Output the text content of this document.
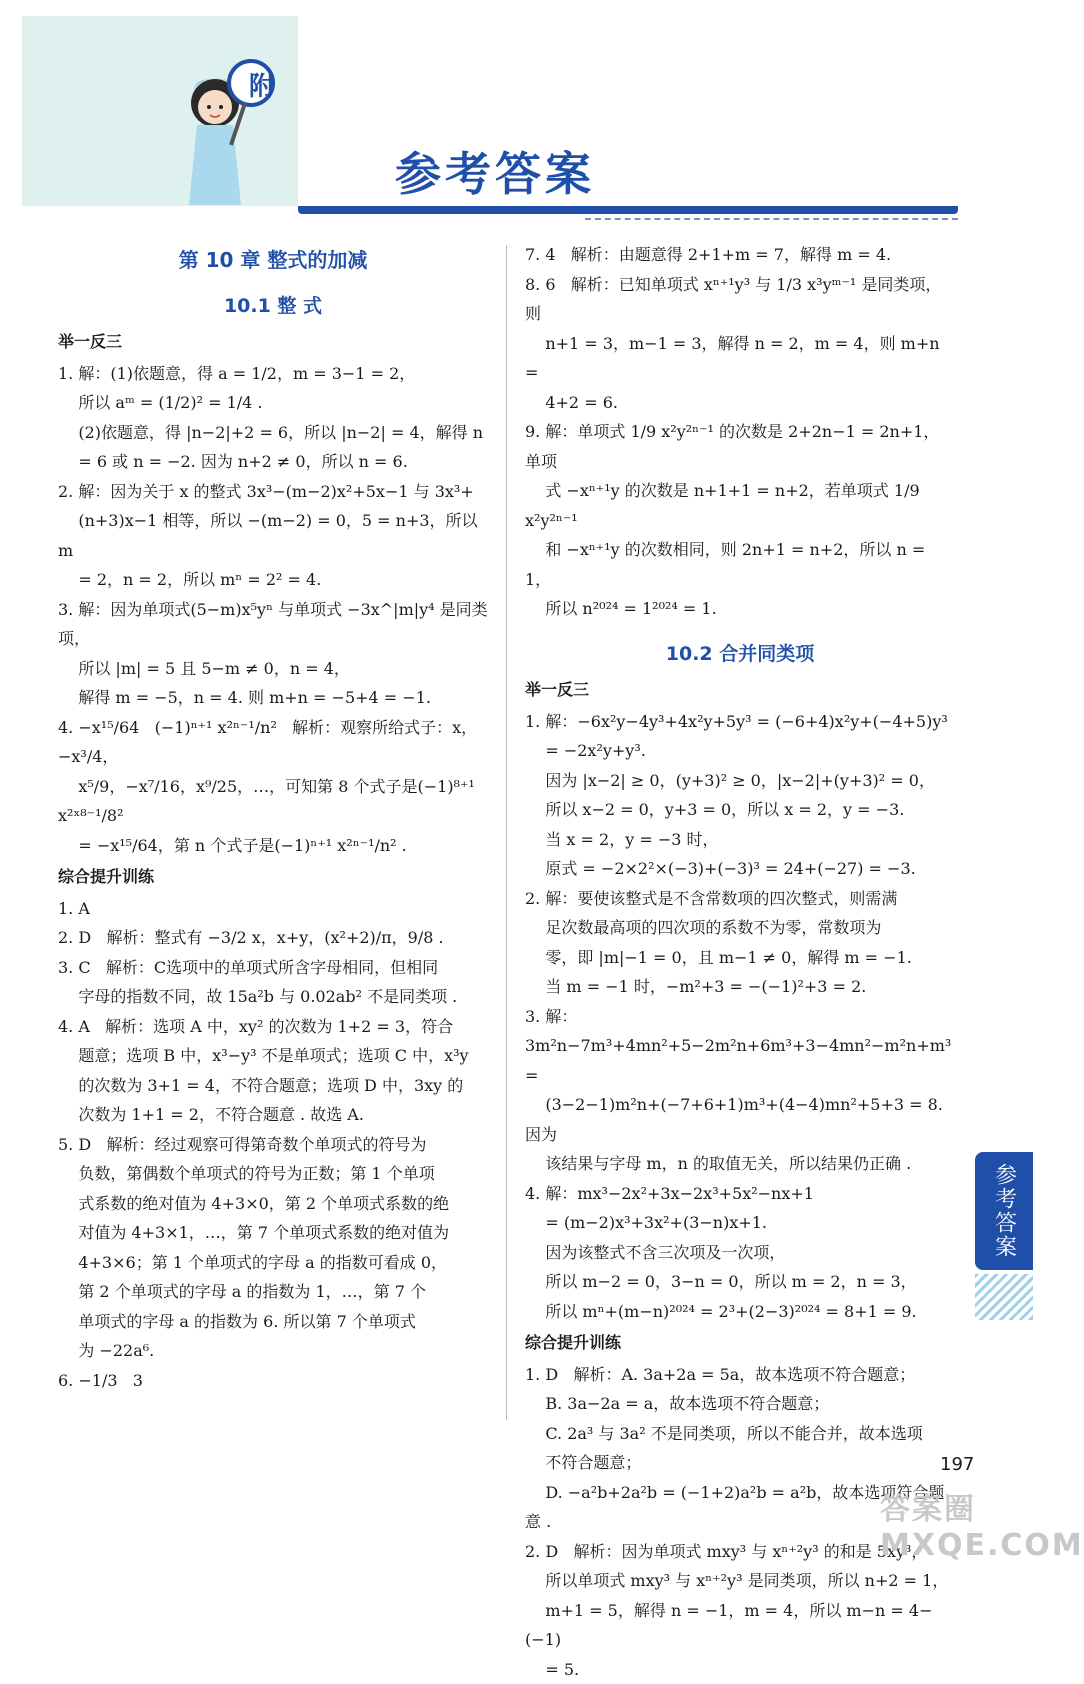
附
参考答案
第 10 章 整式的加减
10.1 整 式
举一反三

1. 解：(1)依题意，得 a = 1/2，m = 3−1 = 2，

所以 aᵐ = (1/2)² = 1/4 .

(2)依题意，得 |n−2|+2 = 6，所以 |n−2| = 4，解得 n

= 6 或 n = −2. 因为 n+2 ≠ 0，所以 n = 6.

2. 解：因为关于 x 的整式 3x³−(m−2)x²+5x−1 与 3x³+

(n+3)x−1 相等，所以 −(m−2) = 0，5 = n+3，所以 m

= 2，n = 2，所以 mⁿ = 2² = 4.

3. 解：因为单项式(5−m)x⁵yⁿ 与单项式 −3x^|m|y⁴ 是同类项，

所以 |m| = 5 且 5−m ≠ 0，n = 4，

解得 m = −5，n = 4. 则 m+n = −5+4 = −1.

4. −x¹⁵/64   (−1)ⁿ⁺¹ x²ⁿ⁻¹/n²   解析：观察所给式子：x，−x³/4，

x⁵/9，−x⁷/16，x⁹/25，…，可知第 8 个式子是(−1)⁸⁺¹ x²ˣ⁸⁻¹/8²

= −x¹⁵/64，第 n 个式子是(−1)ⁿ⁺¹ x²ⁿ⁻¹/n² .

综合提升训练

1. A

2. D   解析：整式有 −3/2 x，x+y，(x²+2)/π，9/8 .

3. C   解析：C选项中的单项式所含字母相同，但相同

字母的指数不同，故 15a²b 与 0.02ab² 不是同类项 .

4. A   解析：选项 A 中，xy² 的次数为 1+2 = 3，符合

题意；选项 B 中，x³−y³ 不是单项式；选项 C 中，x³y

的次数为 3+1 = 4，不符合题意；选项 D 中，3xy 的

次数为 1+1 = 2，不符合题意 . 故选 A.

5. D   解析：经过观察可得第奇数个单项式的符号为

负数，第偶数个单项式的符号为正数；第 1 个单项

式系数的绝对值为 4+3×0，第 2 个单项式系数的绝

对值为 4+3×1，…，第 7 个单项式系数的绝对值为

4+3×6；第 1 个单项式的字母 a 的指数可看成 0，

第 2 个单项式的字母 a 的指数为 1，…，第 7 个

单项式的字母 a 的指数为 6. 所以第 7 个单项式

为 −22a⁶.

6. −1/3   3

7. 4   解析：由题意得 2+1+m = 7，解得 m = 4.

8. 6   解析：已知单项式 xⁿ⁺¹y³ 与 1/3 x³yᵐ⁻¹ 是同类项，则

n+1 = 3，m−1 = 3，解得 n = 2，m = 4，则 m+n =

4+2 = 6.

9. 解：单项式 1/9 x²y²ⁿ⁻¹ 的次数是 2+2n−1 = 2n+1，单项

式 −xⁿ⁺¹y 的次数是 n+1+1 = n+2，若单项式 1/9 x²y²ⁿ⁻¹

和 −xⁿ⁺¹y 的次数相同，则 2n+1 = n+2，所以 n = 1，

所以 n²⁰²⁴ = 1²⁰²⁴ = 1.

10.2 合并同类项
举一反三

1. 解：−6x²y−4y³+4x²y+5y³ = (−6+4)x²y+(−4+5)y³

= −2x²y+y³.

因为 |x−2| ≥ 0，(y+3)² ≥ 0，|x−2|+(y+3)² = 0，

所以 x−2 = 0，y+3 = 0，所以 x = 2，y = −3.

当 x = 2，y = −3 时，

原式 = −2×2²×(−3)+(−3)³ = 24+(−27) = −3.

2. 解：要使该整式是不含常数项的四次整式，则需满

足次数最高项的四次项的系数不为零，常数项为

零，即 |m|−1 = 0，且 m−1 ≠ 0，解得 m = −1.

当 m = −1 时，−m²+3 = −(−1)²+3 = 2.

3. 解：3m²n−7m³+4mn²+5−2m²n+6m³+3−4mn²−m²n+m³ =

(3−2−1)m²n+(−7+6+1)m³+(4−4)mn²+5+3 = 8. 因为

该结果与字母 m，n 的取值无关，所以结果仍正确 .

4. 解：mx³−2x²+3x−2x³+5x²−nx+1

= (m−2)x³+3x²+(3−n)x+1.

因为该整式不含三次项及一次项，

所以 m−2 = 0，3−n = 0，所以 m = 2，n = 3，

所以 mⁿ+(m−n)²⁰²⁴ = 2³+(2−3)²⁰²⁴ = 8+1 = 9.

综合提升训练

1. D   解析：A. 3a+2a = 5a，故本选项不符合题意；

B. 3a−2a = a，故本选项不符合题意；

C. 2a³ 与 3a² 不是同类项，所以不能合并，故本选项

不符合题意；

D. −a²b+2a²b = (−1+2)a²b = a²b，故本选项符合题意 .

2. D   解析：因为单项式 mxy³ 与 xⁿ⁺²y³ 的和是 5xy³，

所以单项式 mxy³ 与 xⁿ⁺²y³ 是同类项，所以 n+2 = 1，

m+1 = 5，解得 n = −1，m = 4，所以 m−n = 4−(−1)

= 5.

参考答案
197
答案圈 MXQE.COM
